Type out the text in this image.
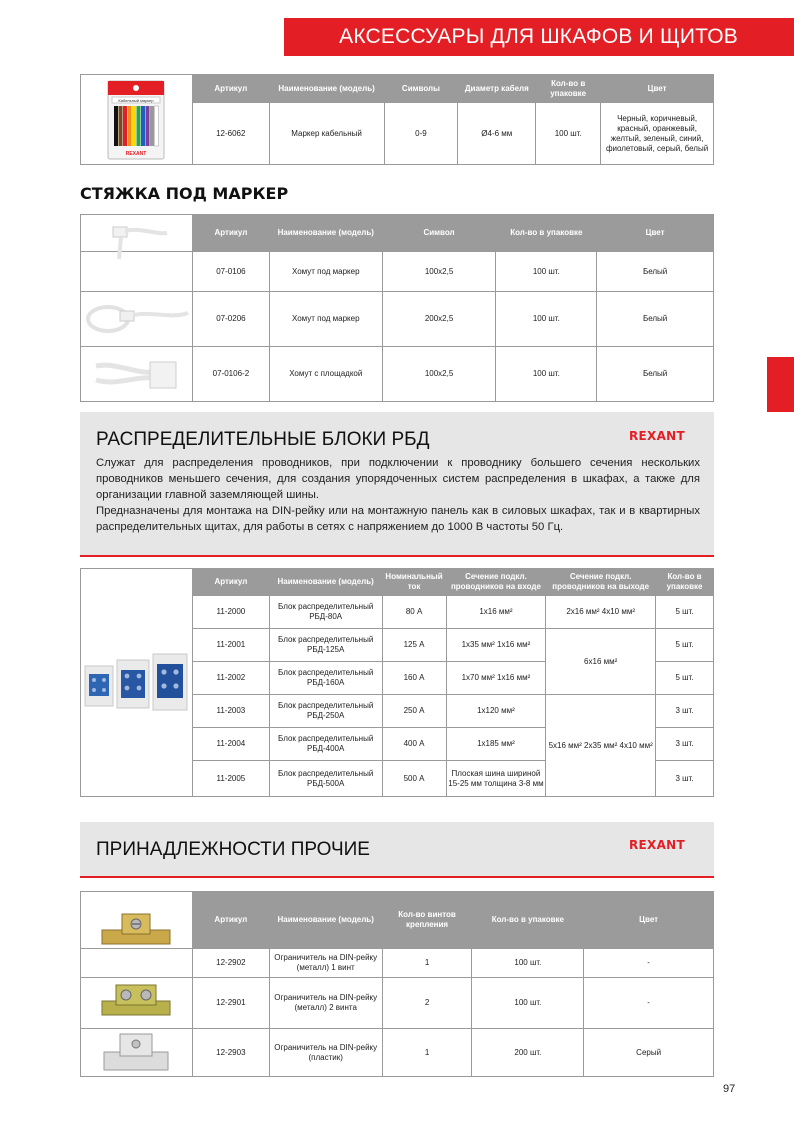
АКСЕССУАРЫ ДЛЯ ШКАФОВ И ЩИТОВ
Кабельный маркер
REXANT	Артикул	Наименование (модель)	Символы	Диаметр кабеля	Кол-во в упаковке	Цвет
	12-6062	Маркер кабельный	0-9	Ø4-6 мм	100 шт.	Черный, коричневый, красный, оранжевый, желтый, зеленый, синий, фиолетовый, серый, белый
СТЯЖКА ПОД МАРКЕР
	Артикул	Наименование (модель)	Символ	Кол-во в упаковке	Цвет
	07-0106	Хомут под маркер	100х2,5	100 шт.	Белый

	07-0206	Хомут под маркер	200х2,5	100 шт.	Белый

	07-0106-2	Хомут с площадкой	100х2,5	100 шт.	Белый
РАСПРЕДЕЛИТЕЛЬНЫЕ БЛОКИ РБД	REXANT

Служат для распределения проводников, при подключении к проводнику большего сечения нескольких проводников меньшего сечения, для создания упорядоченных систем распределения в шкафах, а также для организации главной заземляющей шины.

Предназначены для монтажа на DIN-рейку или на монтажную панель как в силовых шкафах, так и в квартирных распределительных щитах, для работы в сетях с напряжением до 1000 В частоты 50 Гц.

	Артикул	Наименование (модель)	Номинальный ток	Сечение подкл. проводников на входе	Сечение подкл. проводников на выходе	Кол-во в упаковке
	11-2000	Блок распределительный РБД-80А	80 А	1х16 мм²	2х16 мм² 4х10 мм²	5 шт.
	11-2001	Блок распределительный РБД-125А	125 А	1х35 мм² 1х16 мм²	6х16 мм²	5 шт.
	11-2002	Блок распределительный РБД-160А	160 А	1х70 мм² 1х16 мм²		5 шт.
	11-2003	Блок распределительный РБД-250А	250 А	1х120 мм²	5х16 мм² 2х35 мм² 4х10 мм²	3 шт.
	11-2004	Блок распределительный РБД-400А	400 А	1х185 мм²		3 шт.
	11-2005	Блок распределительный РБД-500А	500 А	Плоская шина шириной 15-25 мм толщина 3-8 мм		3 шт.
ПРИНАДЛЕЖНОСТИ ПРОЧИЕ	REXANT
	Артикул	Наименование (модель)	Кол-во винтов крепления	Кол-во в упаковке	Цвет
	12-2902	Ограничитель на DIN-рейку (металл) 1 винт	1	100 шт.	-

	12-2901	Ограничитель на DIN-рейку (металл) 2 винта	2	100 шт.	-

	12-2903	Ограничитель на DIN-рейку (пластик)	1	200 шт.	Серый
97
